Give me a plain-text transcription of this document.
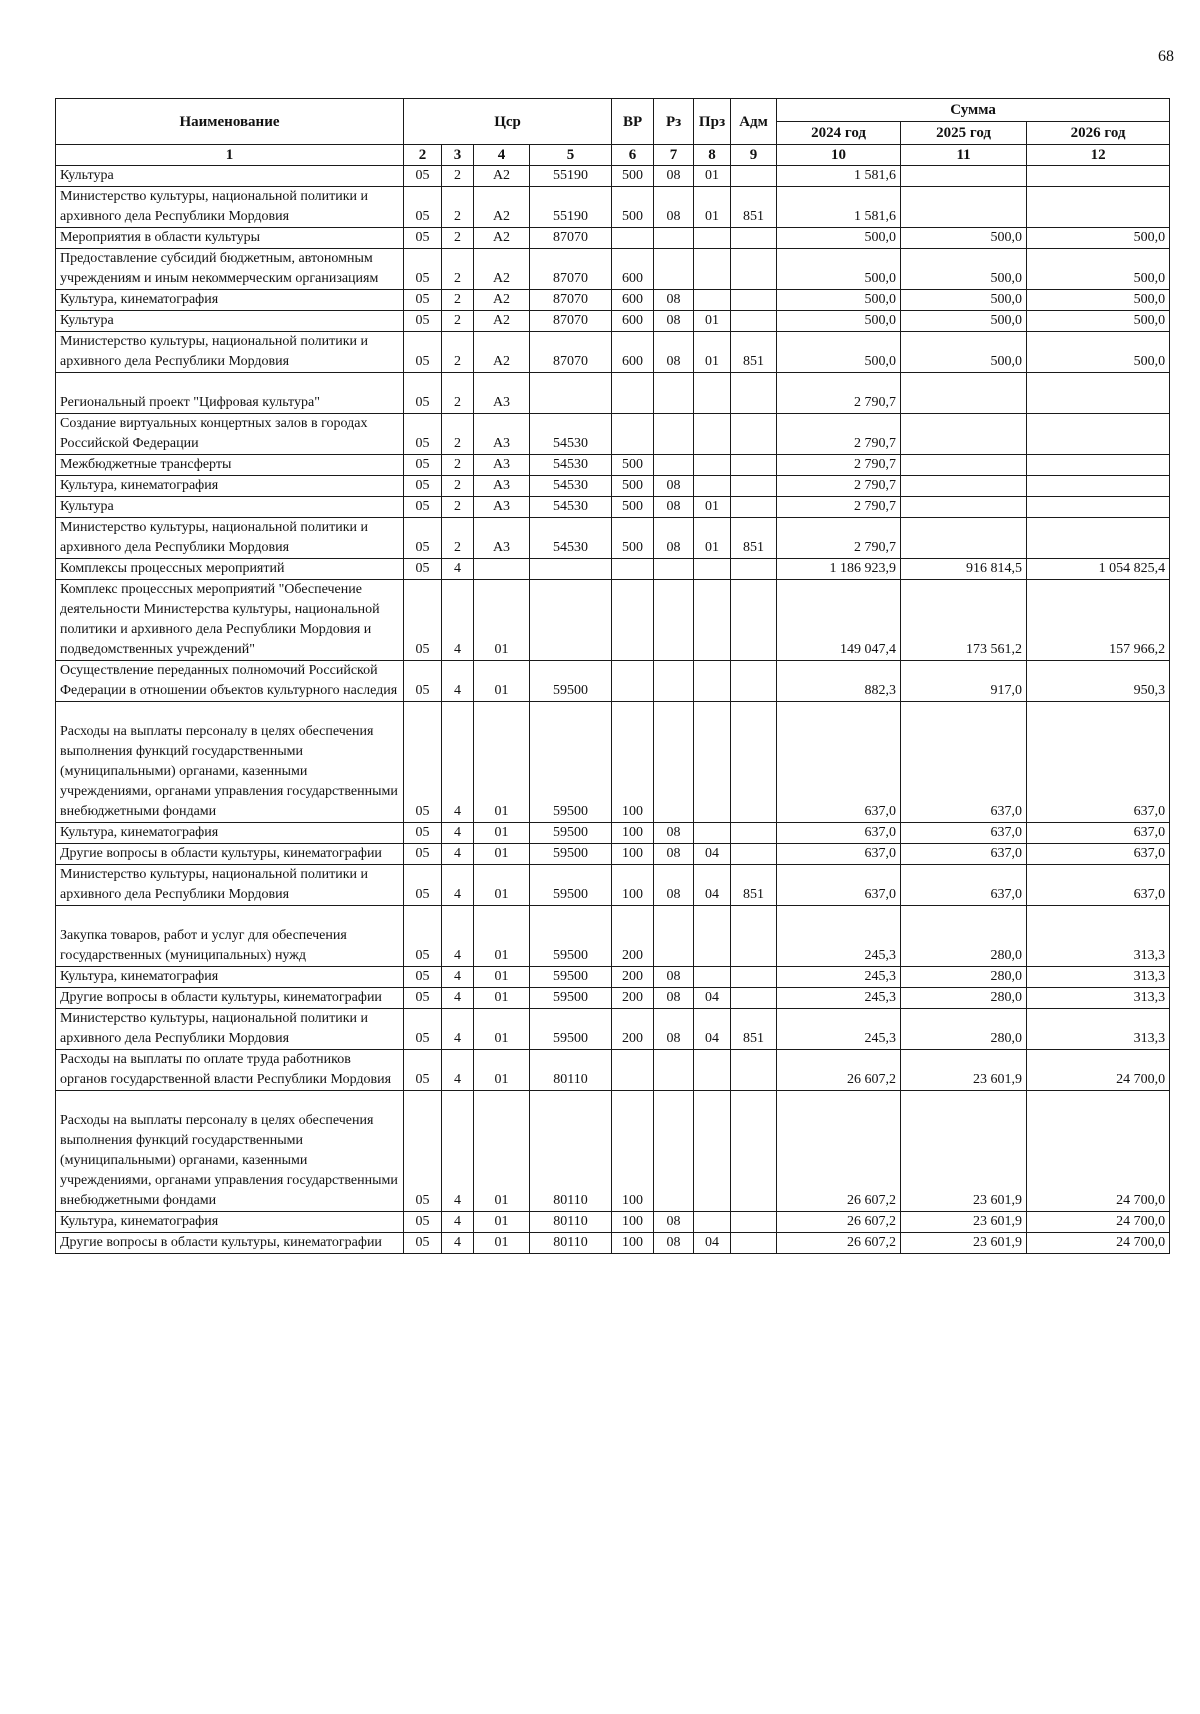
68
Наименование	Цср				ВР	Рз	Прз	Адм	Сумма		
									2024 год	2025 год	2026 год
1	2	3	4	5	6	7	8	9	10	11	12
Культура	05	2	А2	55190	500	08	01		1 581,6		
Министерство культуры, национальной политики и архивного дела Республики Мордовия	05	2	А2	55190	500	08	01	851	1 581,6		
Мероприятия в области культуры	05	2	А2	87070					500,0	500,0	500,0
Предоставление субсидий бюджетным, автономным учреждениям и иным некоммерческим организациям	05	2	А2	87070	600				500,0	500,0	500,0
Культура, кинематография	05	2	А2	87070	600	08			500,0	500,0	500,0
Культура	05	2	А2	87070	600	08	01		500,0	500,0	500,0
Министерство культуры, национальной политики и архивного дела Республики Мордовия	05	2	А2	87070	600	08	01	851	500,0	500,0	500,0
Региональный проект "Цифровая культура"	05	2	А3						2 790,7		
Создание виртуальных концертных залов в городах Российской Федерации	05	2	А3	54530					2 790,7		
Межбюджетные трансферты	05	2	А3	54530	500				2 790,7		
Культура, кинематография	05	2	А3	54530	500	08			2 790,7		
Культура	05	2	А3	54530	500	08	01		2 790,7		
Министерство культуры, национальной политики и архивного дела Республики Мордовия	05	2	А3	54530	500	08	01	851	2 790,7		
Комплексы процессных мероприятий	05	4							1 186 923,9	916 814,5	1 054 825,4
Комплекс процессных мероприятий "Обеспечение деятельности Министерства культуры, национальной политики и архивного дела Республики Мордовия и подведомственных учреждений"	05	4	01						149 047,4	173 561,2	157 966,2
Осуществление переданных полномочий Российской Федерации в отношении объектов культурного наследия	05	4	01	59500					882,3	917,0	950,3
Расходы на выплаты персоналу в целях обеспечения выполнения функций государственными (муниципальными) органами, казенными учреждениями, органами управления государственными внебюджетными фондами	05	4	01	59500	100				637,0	637,0	637,0
Культура, кинематография	05	4	01	59500	100	08			637,0	637,0	637,0
Другие вопросы в области культуры, кинематографии	05	4	01	59500	100	08	04		637,0	637,0	637,0
Министерство культуры, национальной политики и архивного дела Республики Мордовия	05	4	01	59500	100	08	04	851	637,0	637,0	637,0
Закупка товаров, работ и услуг для обеспечения государственных (муниципальных) нужд	05	4	01	59500	200				245,3	280,0	313,3
Культура, кинематография	05	4	01	59500	200	08			245,3	280,0	313,3
Другие вопросы в области культуры, кинематографии	05	4	01	59500	200	08	04		245,3	280,0	313,3
Министерство культуры, национальной политики и архивного дела Республики Мордовия	05	4	01	59500	200	08	04	851	245,3	280,0	313,3
Расходы на выплаты по оплате труда работников органов государственной власти Республики Мордовия	05	4	01	80110					26 607,2	23 601,9	24 700,0
Расходы на выплаты персоналу в целях обеспечения выполнения функций государственными (муниципальными) органами, казенными учреждениями, органами управления государственными внебюджетными фондами	05	4	01	80110	100				26 607,2	23 601,9	24 700,0
Культура, кинематография	05	4	01	80110	100	08			26 607,2	23 601,9	24 700,0
Другие вопросы в области культуры, кинематографии	05	4	01	80110	100	08	04		26 607,2	23 601,9	24 700,0
